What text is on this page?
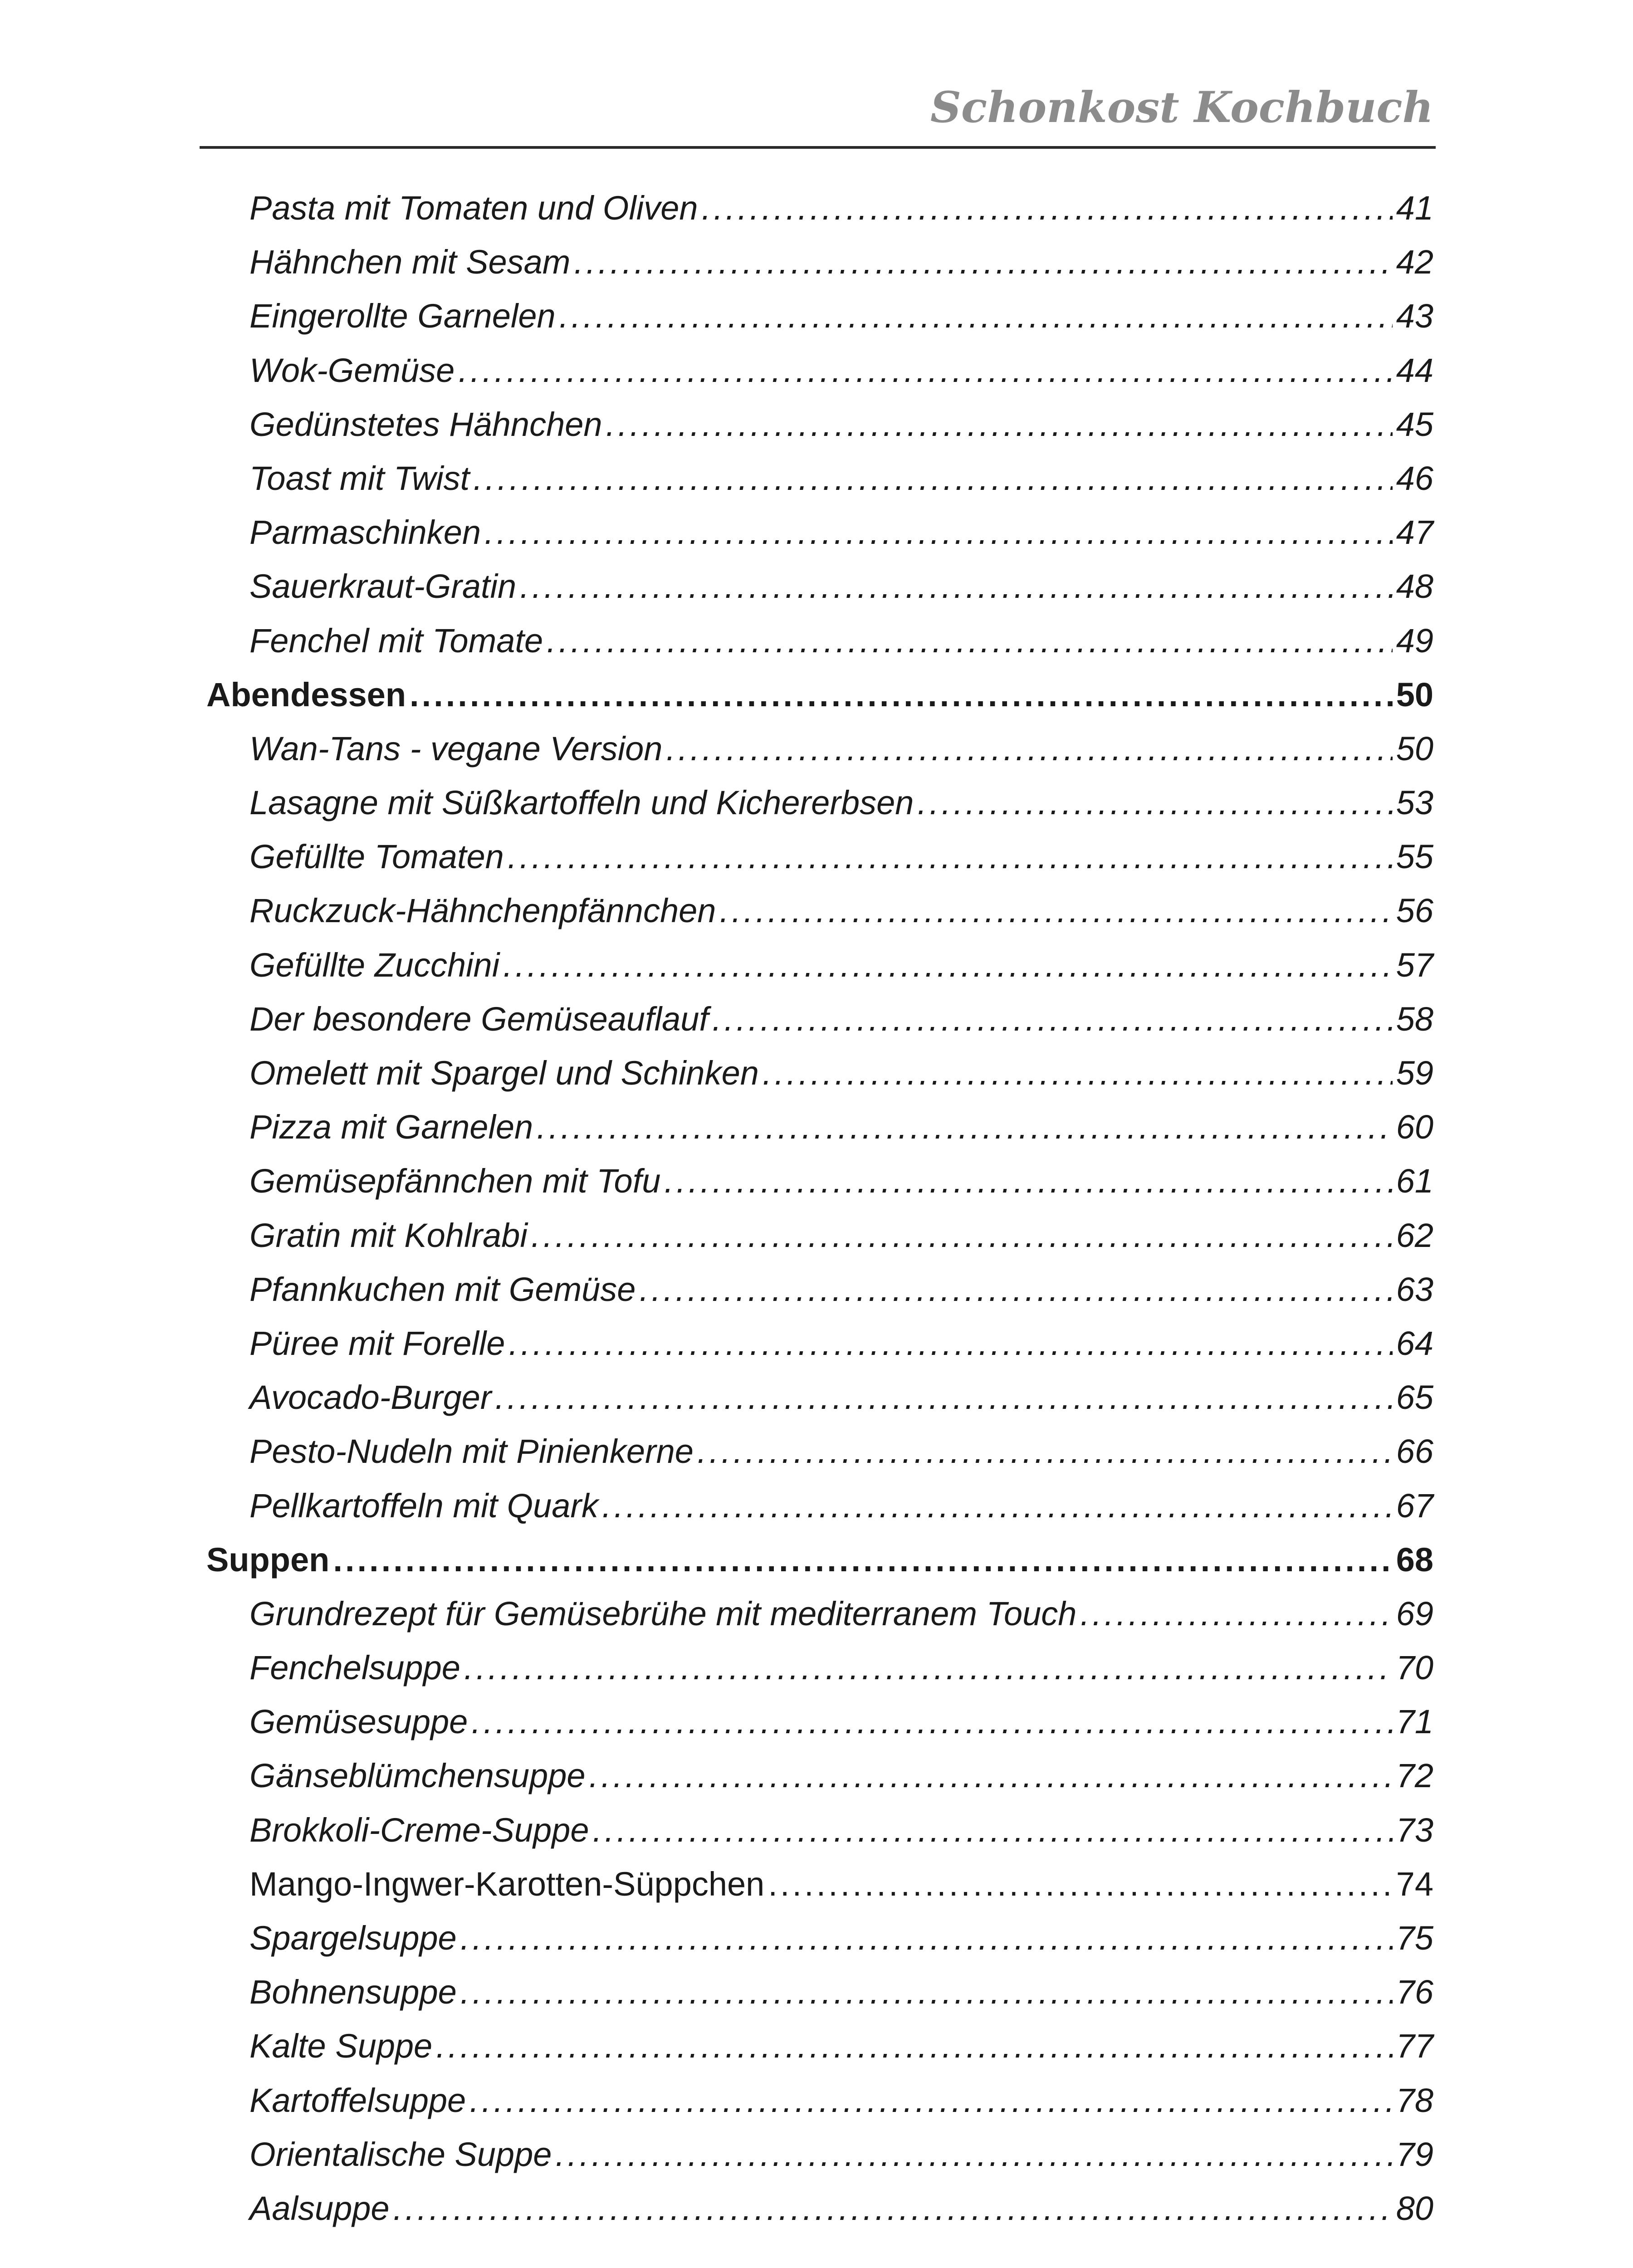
Schonkost Kochbuch
Pasta mit Tomaten und Oliven .....	41
Hähnchen mit Sesam .....	42
Eingerollte Garnelen .....	43
Wok-Gemüse .....	44
Gedünstetes Hähnchen .....	45
Toast mit Twist .....	46
Parmaschinken .....	47
Sauerkraut-Gratin .....	48
Fenchel mit Tomate .....	49
Abendessen .....	50
Wan-Tans - vegane Version .....	50
Lasagne mit Süßkartoffeln und Kichererbsen .....	53
Gefüllte Tomaten .....	55
Ruckzuck-Hähnchenpfännchen .....	56
Gefüllte Zucchini .....	57
Der besondere Gemüseauflauf .....	58
Omelett mit Spargel und Schinken .....	59
Pizza mit Garnelen .....	60
Gemüsepfännchen mit Tofu .....	61
Gratin mit Kohlrabi .....	62
Pfannkuchen mit Gemüse .....	63
Püree mit Forelle .....	64
Avocado-Burger .....	65
Pesto-Nudeln mit Pinienkerne .....	66
Pellkartoffeln mit Quark .....	67
Suppen .....	68
Grundrezept für Gemüsebrühe mit mediterranem Touch .....	69
Fenchelsuppe .....	70
Gemüsesuppe .....	71
Gänseblümchensuppe .....	72
Brokkoli-Creme-Suppe .....	73
Mango-Ingwer-Karotten-Süppchen .....	74
Spargelsuppe .....	75
Bohnensuppe .....	76
Kalte Suppe .....	77
Kartoffelsuppe .....	78
Orientalische Suppe .....	79
Aalsuppe .....	80
